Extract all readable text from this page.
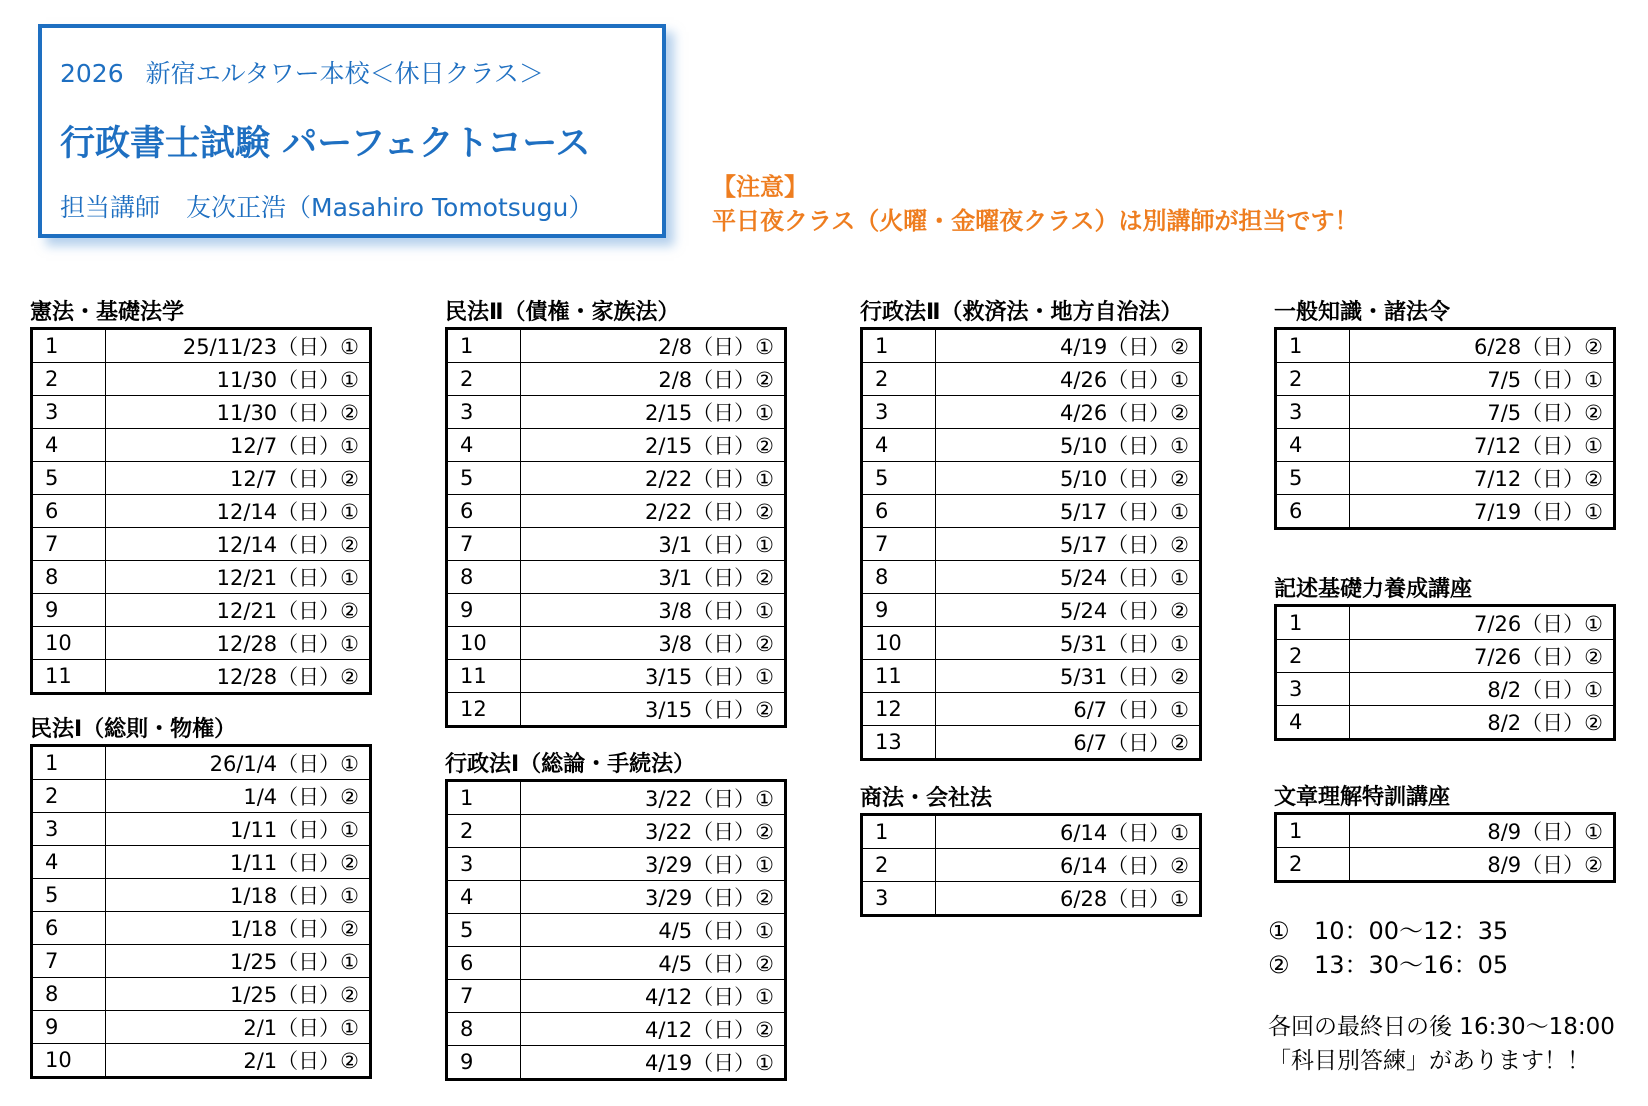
2026 新宿エルタワー本校＜休日クラス＞
行政書士試験 パーフェクトコース
担当講師 友次正浩（Masahiro Tomotsugu）
【注意】
平日夜クラス（火曜・金曜夜クラス）は別講師が担当です！
憲法・基礎法学
1	25/11/23（日）①
2	11/30（日）①
3	11/30（日）②
4	12/7（日）①
5	12/7（日）②
6	12/14（日）①
7	12/14（日）②
8	12/21（日）①
9	12/21（日）②
10	12/28（日）①
11	12/28（日）②
民法Ⅰ（総則・物権）
1	26/1/4（日）①
2	1/4（日）②
3	1/11（日）①
4	1/11（日）②
5	1/18（日）①
6	1/18（日）②
7	1/25（日）①
8	1/25（日）②
9	2/1（日）①
10	2/1（日）②
民法Ⅱ（債権・家族法）
1	2/8（日）①
2	2/8（日）②
3	2/15（日）①
4	2/15（日）②
5	2/22（日）①
6	2/22（日）②
7	3/1（日）①
8	3/1（日）②
9	3/8（日）①
10	3/8（日）②
11	3/15（日）①
12	3/15（日）②
行政法Ⅰ（総論・手続法）
1	3/22（日）①
2	3/22（日）②
3	3/29（日）①
4	3/29（日）②
5	4/5（日）①
6	4/5（日）②
7	4/12（日）①
8	4/12（日）②
9	4/19（日）①
行政法Ⅱ（救済法・地方自治法）
1	4/19（日）②
2	4/26（日）①
3	4/26（日）②
4	5/10（日）①
5	5/10（日）②
6	5/17（日）①
7	5/17（日）②
8	5/24（日）①
9	5/24（日）②
10	5/31（日）①
11	5/31（日）②
12	6/7（日）①
13	6/7（日）②
商法・会社法
1	6/14（日）①
2	6/14（日）②
3	6/28（日）①
一般知識・諸法令
1	6/28（日）②
2	7/5（日）①
3	7/5（日）②
4	7/12（日）①
5	7/12（日）②
6	7/19（日）①
記述基礎力養成講座
1	7/26（日）①
2	7/26（日）②
3	8/2（日）①
4	8/2（日）②
文章理解特訓講座
1	8/9（日）①
2	8/9（日）②
① 10：00〜12：35
② 13：30〜16：05
各回の最終日の後 16:30〜18:00
「科目別答練」があります！！
